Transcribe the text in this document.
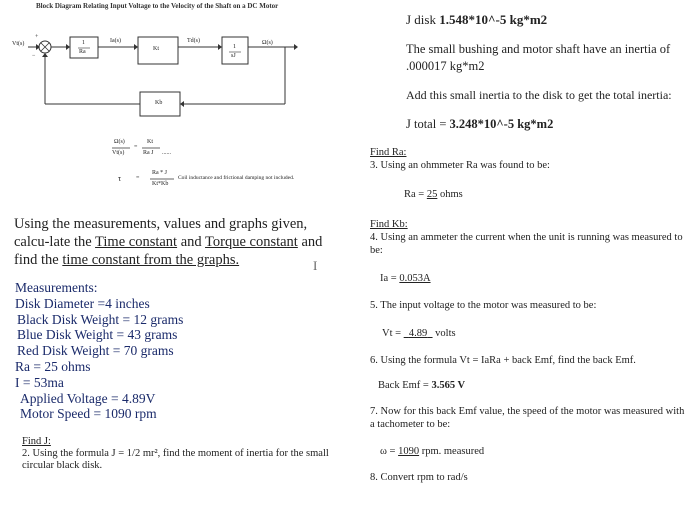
Block Diagram Relating Input Voltage to the Velocity of the Shaft on a DC Motor
Vt(s)
+
−
1
Ra
Ia(s)
Kt
Td(s)
1
sJ
Ω(s)
Kb
Ω(s)
Vt(s)
=
Kt
Ra J ......
τ =
Ra * J
Kt*Kb
Coil inductance and frictional damping not included.
Using the measurements, values and graphs given, calcu-late the Time constant and Torque constant and find the time constant from the graphs.	I
Measurements:
Disk Diameter =4 inches
Black Disk Weight = 12 grams
Blue Disk Weight = 43 grams
Red Disk Weight = 70 grams
Ra = 25 ohms
I = 53ma
Applied Voltage = 4.89V
Motor Speed = 1090 rpm
Find J:
2. Using the formula J = 1/2 mr², find the moment of inertia for the small circular black disk.
J disk 1.548*10^-5 kg*m2
The small bushing and motor shaft have an inertia of
.000017 kg*m2
Add this small inertia to the disk to get the total inertia:
J total = 3.248*10^-5 kg*m2
Find Ra:
3. Using an ohmmeter Ra was found to be:
Ra = 25 ohms
Find Kb:
4. Using an ammeter the current when the unit is running was measured to be:
Ia = 0.053A
5. The input voltage to the motor was measured to be:
Vt =   4.89   volts
6. Using the formula Vt = IaRa + back Emf, find the back Emf.
Back Emf = 3.565 V
7. Now for this back Emf value, the speed of the motor was measured with a tachometer to be:
ω = 1090 rpm. measured
8. Convert rpm to rad/s
